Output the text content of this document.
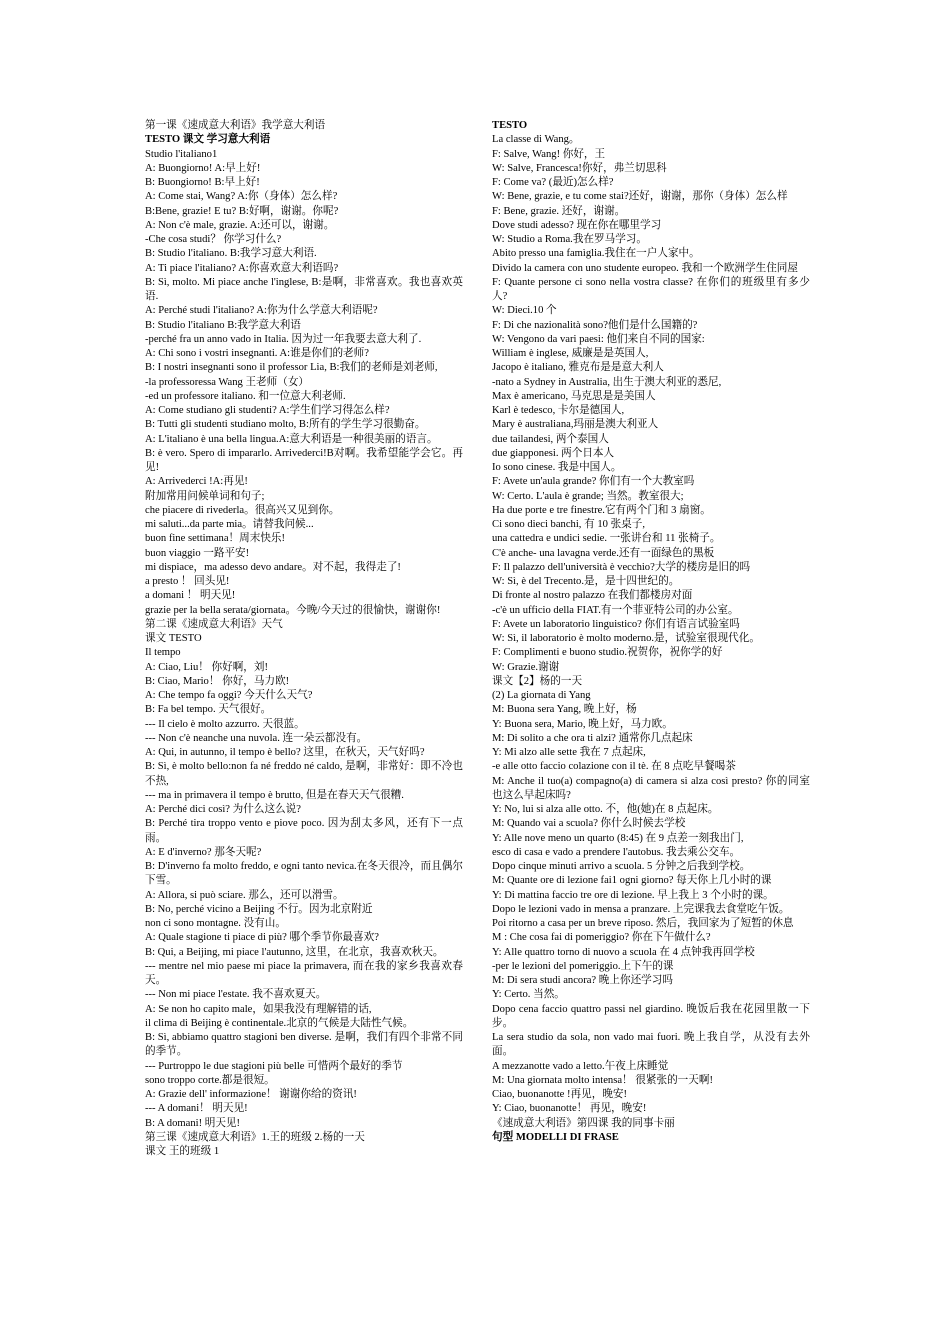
第一课《速成意大利语》我学意大利语

TESTO 课文 学习意大利语

Studio l'italiano1

A: Buongiorno! A:早上好!

B: Buongiorno! B:早上好!

A: Come stai, Wang? A:你（身体）怎么样?

B:Bene, grazie! E tu? B:好啊，谢谢。你呢?

A: Non c'è male, grazie. A:还可以，谢谢。

-Che cosa studi？ 你学习什么?

B: Studio l'italiano. B:我学习意大利语.

A: Ti piace l'italiano? A:你喜欢意大利语吗?

B: Sì, molto. Mi piace anche l'inglese, B:是啊，非常喜欢。我也喜欢英语.

A: Perché studi l'italiano? A:你为什么学意大利语呢?

B: Studio l'italiano B:我学意大利语

-perché fra un anno vado in Italia. 因为过一年我要去意大利了.

A: Chi sono i vostri insegnanti. A:谁是你们的老师?

B: I nostri insegnanti sono il professor Lia, B:我们的老师是刘老师,

-la professoressa Wang 王老师（女）

-ed un professore italiano. 和一位意大利老师.

A: Come studiano gli studenti? A:学生们学习得怎么样?

B: Tutti gli studenti studiano molto, B:所有的学生学习很勤奋。

A: L'italiano è una bella lingua.A:意大利语是一种很美丽的语言。

B: è vero. Spero di impararlo. Arrivederci!B对啊。我希望能学会它。再见!

A: Arrivederci !A:再见!

附加常用问候单词和句子;

che piacere di rivederla。很高兴又见到你。

mi saluti...da parte mia。请替我问候...

buon fine settimana！周末快乐!

buon viaggio 一路平安!

mi dispiace，ma adesso devo andare。对不起，我得走了!

a presto ！ 回头见!

a domani ！ 明天见!

grazie per la bella serata/giornata。今晚/今天过的很愉快，谢谢你!

第二课《速成意大利语》天气

课文 TESTO

Il tempo

A: Ciao, Liu！ 你好啊，刘!

B: Ciao, Mario！ 你好，马力欧!

A: Che tempo fa oggi? 今天什么天气?

B: Fa bel tempo. 天气很好。

--- Il cielo è molto azzurro. 天很蓝。

--- Non c'è neanche una nuvola. 连一朵云都没有。

A: Qui, in autunno, il tempo è bello? 这里，在秋天，天气好吗?

B: Sì, è molto bello:non fa né freddo né caldo, 是啊，非常好：即不冷也不热,

--- ma in primavera il tempo è brutto, 但是在春天天气很糟.

A: Perché dici così? 为什么这么说?

B: Perché tira troppo vento e piove poco. 因为刮太多风，还有下一点雨。

A: E d'inverno? 那冬天呢?

B: D'inverno fa molto freddo, e ogni tanto nevica.在冬天很冷，而且偶尔下雪。

A: Allora, si può sciare. 那么，还可以滑雪。

B: No, perché vicino a Beijing 不行。因为北京附近

non ci sono montagne. 没有山。

A: Quale stagione ti piace di più? 哪个季节你最喜欢?

B: Qui, a Beijing, mi piace l'autunno, 这里，在北京，我喜欢秋天。

--- mentre nel mio paese mi piace la primavera, 而在我的家乡我喜欢春天。

--- Non mi piace l'estate. 我不喜欢夏天。

A: Se non ho capito male，如果我没有理解错的话,

il clima di Beijing è continentale.北京的气候是大陆性气候。

B: Sì, abbiamo quattro stagioni ben diverse. 是啊，我们有四个非常不同的季节。

--- Purtroppo le due stagioni più belle 可惜两个最好的季节

sono troppo corte.都是很短。

A: Grazie dell' informazione！ 谢谢你给的资讯!

--- A domani！ 明天见!

B: A domani! 明天见!

第三课《速成意大利语》1.王的班级 2.杨的一天

课文 王的班级 1

TESTO

La classe di Wang。

F: Salve, Wang! 你好，王

W: Salve, Francesca!你好，弗兰切思科

F: Come va? (最近)怎么样?

W: Bene, grazie, e tu come stai?还好，谢谢，那你（身体）怎么样

F: Bene, grazie. 还好，谢谢。

Dove studi adesso? 现在你在哪里学习

W: Studio a Roma.我在罗马学习。

Abito presso una famìglia.我住在一户人家中。

Divido la camera con uno studente europeo. 我和一个欧洲学生住同屋

F: Quante persone ci sono nella vostra classe? 在你们的班级里有多少人?

W: Dieci.10 个

F: Di che nazionalità sono?他们是什么国籍的?

W: Vengono da vari paesi: 他们来自不同的国家:

William è inglese, 威廉是是英国人,

Jacopo è italiano, 雅克布是是意大利人

-nato a Sydney in Australia, 出生于澳大利亚的悉尼,

Max è americano, 马克思是是美国人

Karl è tedesco, 卡尔是德国人,

Mary è australiana,玛丽是澳大利亚人

due tailandesi, 两个泰国人

due giapponesi. 两个日本人

Io sono cinese. 我是中国人。

F: Avete un'aula grande? 你们有一个大教室吗

W: Certo. L'aula è grande; 当然。教室很大;

Ha due porte e tre finestre.它有两个门和 3 扇窗。

Ci sono dieci banchi, 有 10 张桌子,

una cattedra e undici sedie. 一张讲台和 11 张椅子。

C'è anche- una lavagna verde.还有一面绿色的黑板

F: Il palazzo dell'università è vecchio?大学的楼房是旧的吗

W: Sì, è del Trecento.是，是十四世纪的。

Di fronte al nostro palazzo 在我们都楼房对面

-c'è un ufficio della FIAT.有一个菲亚特公司的办公室。

F: Avete un laboratorio linguistico? 你们有语言试验室吗

W: Sì, il laboratorio è molto moderno.是，试验室很现代化。

F: Complimenti e buono studio.祝贺你，祝你学的好

W: Grazie.谢谢

课文【2】杨的一天

(2) La giornata di Yang

M: Buona sera Yang, 晚上好，杨

Y: Buona sera, Mario, 晚上好，马力欧。

M: Di solito a che ora ti alzi? 通常你几点起床

Y: Mi alzo alle sette 我在 7 点起床,

-e alle otto faccio colazione con il tè. 在 8 点吃早餐喝茶

M: Anche il tuo(a) compagno(a) di camera si alza così presto? 你的同室也这么早起床吗?

Y: No, lui si alza alle otto. 不，他(她)在 8 点起床。

M: Quando vai a scuola? 你什么时候去学校

Y: Alle nove meno un quarto (8:45) 在 9 点差一刻我出门,

esco di casa e vado a prendere l'autobus. 我去乘公交车。

Dopo cinque minuti arrivo a scuola. 5 分钟之后我到学校。

M: Quante ore di lezione fai1 ogni giorno? 每天你上几小时的课

Y: Di mattina faccio tre ore di lezione. 早上我上 3 个小时的课。

Dopo le lezioni vado in mensa a pranzare. 上完课我去食堂吃午饭。

Poi ritorno a casa per un breve riposo. 然后，我回家为了短暂的休息

M : Che cosa fai di pomeriggio? 你在下午做什么?

Y: Alle quattro torno di nuovo a scuola 在 4 点钟我再回学校

-per le lezioni del pomeriggio.上下午的课

M: Di sera studi ancora? 晚上你还学习吗

Y: Certo. 当然。

Dopo cena faccio quattro passi nel giardino. 晚饭后我在花园里散一下步。

La sera studio da sola, non vado mai fuori. 晚上我自学，从没有去外面。

A mezzanotte vado a letto.午夜上床睡觉

M: Una giornata molto intensa！ 很紧张的一天啊!

Ciao, buonanotte !再见，晚安!

Y: Ciao, buonanotte！ 再见，晚安!

《速成意大利语》第四课 我的同事卡丽

句型 MODELLI DI FRASE
